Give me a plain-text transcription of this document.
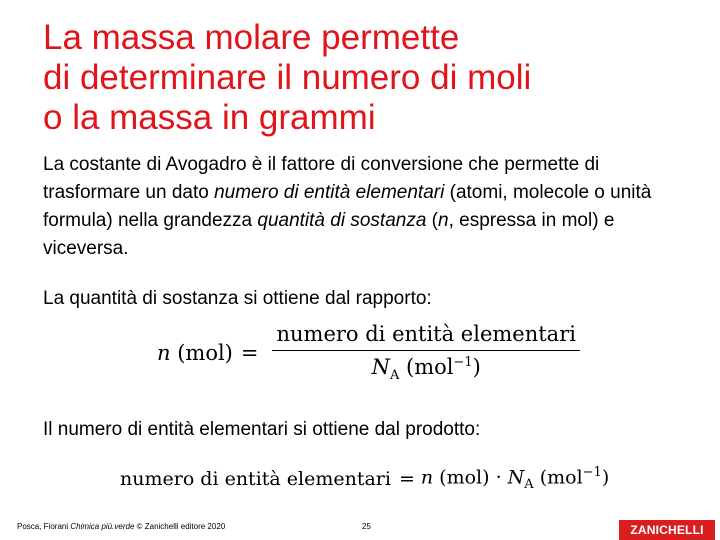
La massa molare permette
di determinare il numero di moli
o la massa in grammi

La costante di Avogadro è il fattore di conversione che permette di trasformare un dato numero di entità elementari (atomi, molecole o unità formula) nella grandezza quantità di sostanza (n, espressa in mol) e viceversa.

La quantità di sostanza si ottiene dal rapporto:

n $(mol) = \frac{\text{numero di entità elementari}}{N_A (mol^{-1})}$

Il numero di entità elementari si ottiene dal prodotto:

numero di entità elementari = n $(mol) \cdot N_A$ (mol$^{-1}$)
Posca, Fiorani Chimica più.verde © Zanichelli editore 2020	25	ZANICHELLI
